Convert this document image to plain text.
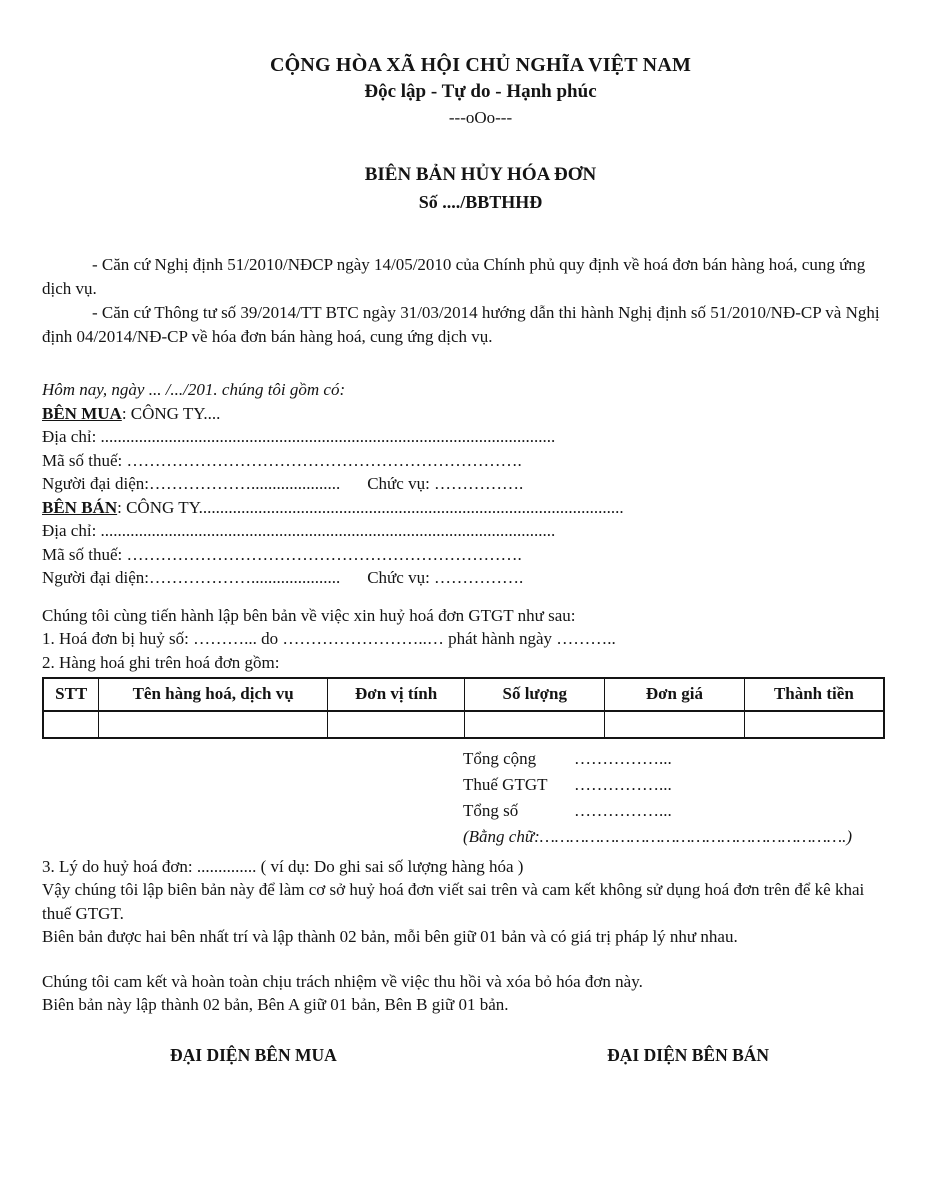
CỘNG HÒA XÃ HỘI CHỦ NGHĨA VIỆT NAM
Độc lập - Tự do - Hạnh phúc
---oOo---
BIÊN BẢN HỦY HÓA ĐƠN
Số ..../BBTHHĐ

- Căn cứ Nghị định 51/2010/NĐCP ngày 14/05/2010 của Chính phủ quy định về hoá đơn bán hàng hoá, cung ứng dịch vụ.

- Căn cứ Thông tư số 39/2014/TT BTC ngày 31/03/2014 hướng dẫn thi hành Nghị định số 51/2010/NĐ-CP và Nghị định 04/2014/NĐ-CP về hóa đơn bán hàng hoá, cung ứng dịch vụ.

Hôm nay, ngày ... /.../201. chúng tôi gồm có:
BÊN MUA: CÔNG TY....
Địa chỉ: ...........................................................................................................
Mã số thuế: …………………………………………………………….
Người đại diện:………………..................... Chức vụ: …………….
BÊN BÁN: CÔNG TY....................................................................................................
Địa chỉ: ...........................................................................................................
Mã số thuế: …………………………………………………………….
Người đại diện:………………..................... Chức vụ: …………….
Chúng tôi cùng tiến hành lập bên bản về việc xin huỷ hoá đơn GTGT như sau:
1. Hoá đơn bị huỷ số: ………... do ……………………..… phát hành ngày ………..
2. Hàng hoá ghi trên hoá đơn gồm:
STT	Tên hàng hoá, dịch vụ	Đơn vị tính	Số lượng	Đơn giá	Thành tiền

Tổng cộng ……………...
Thuế GTGT ……………...
Tổng số	……………...
(Bằng chữ:…………………………………………………….)
3. Lý do huỷ hoá đơn: .............. ( ví dụ: Do ghi sai số lượng hàng hóa )
Vậy chúng tôi lập biên bản này để làm cơ sở huỷ hoá đơn viết sai trên và cam kết không sử dụng hoá đơn trên để kê khai thuế GTGT.
Biên bản được hai bên nhất trí và lập thành 02 bản, mỗi bên giữ 01 bản và có giá trị pháp lý như nhau.
Chúng tôi cam kết và hoàn toàn chịu trách nhiệm về việc thu hồi và xóa bỏ hóa đơn này.
Biên bản này lập thành 02 bản, Bên A giữ 01 bản, Bên B giữ 01 bản.
ĐẠI DIỆN BÊN MUA	ĐẠI DIỆN BÊN BÁN
